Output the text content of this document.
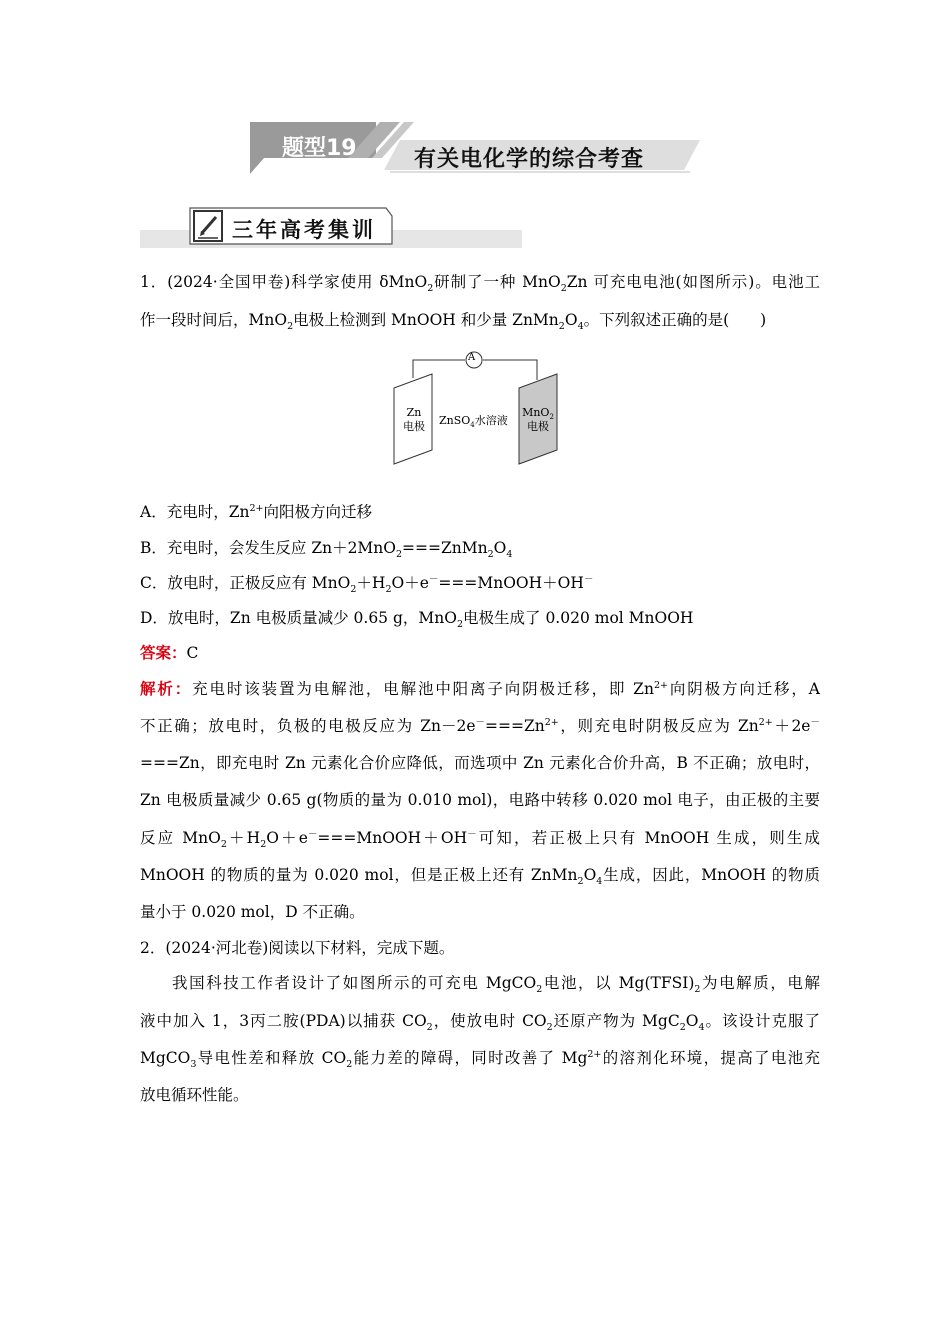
题型19	有关电化学的综合考查
三年高考集训
1．(2024·全国甲卷)科学家使用 δMnO$_2$研制了一种 MnO$_2$Zn 可充电电池(如图所示)。电池工
作一段时间后，MnO$_2$电极上检测到 MnOOH 和少量 $ZnMn_2O_4$。下列叙述正确的是(　　)
A
Zn
电极 ZnSO$_4$水溶液
MnO$_2$
电极
A．充电时，$Zn^{2+}$向阳极方向迁移
B．充电时，会发生反应 $Zn+2MnO_2===ZnMn_2O_4$
C．放电时，正极反应有 $MnO_2+H_2O+e^-===MnOOH+OH^-$
D．放电时，Zn 电极质量减少 0.65 g，MnO$_2$电极生成了 0.020 mol MnOOH
答案：C
解析：充电时该装置为电解池，电解池中阳离子向阴极迁移，即 $Zn^{2+}$向阴极方向迁移，A
不正确；放电时，负极的电极反应为 $Zn-2e^-===Zn^{2+}$，则充电时阴极反应为 $Zn^{2+}+2e^-$
===Zn，即充电时 Zn 元素化合价应降低，而选项中 Zn 元素化合价升高，B 不正确；放电时，
Zn 电极质量减少 0.65 g(物质的量为 0.010 mol)，电路中转移 0.020 mol 电子，由正极的主要
反应 $MnO_2+H_2O+e^-===MnOOH+OH^-$可知，若正极上只有 MnOOH 生成，则生成
MnOOH 的物质的量为 0.020 mol，但是正极上还有 $ZnMn_2O_4$生成，因此，MnOOH 的物质
量小于 0.020 mol，D 不正确。
2．(2024·河北卷)阅读以下材料，完成下题。
我国科技工作者设计了如图所示的可充电 MgCO$_2$电池，以 $Mg(TFSI)_2$为电解质，电解
液中加入 1，3丙二胺(PDA)以捕获 $CO_2$，使放电时 $CO_2$还原产物为 $MgC_2O_4$。该设计克服了
MgCO$_3$导电性差和释放 $CO_2$能力差的障碍，同时改善了 $Mg^{2+}$的溶剂化环境，提高了电池充
放电循环性能。
